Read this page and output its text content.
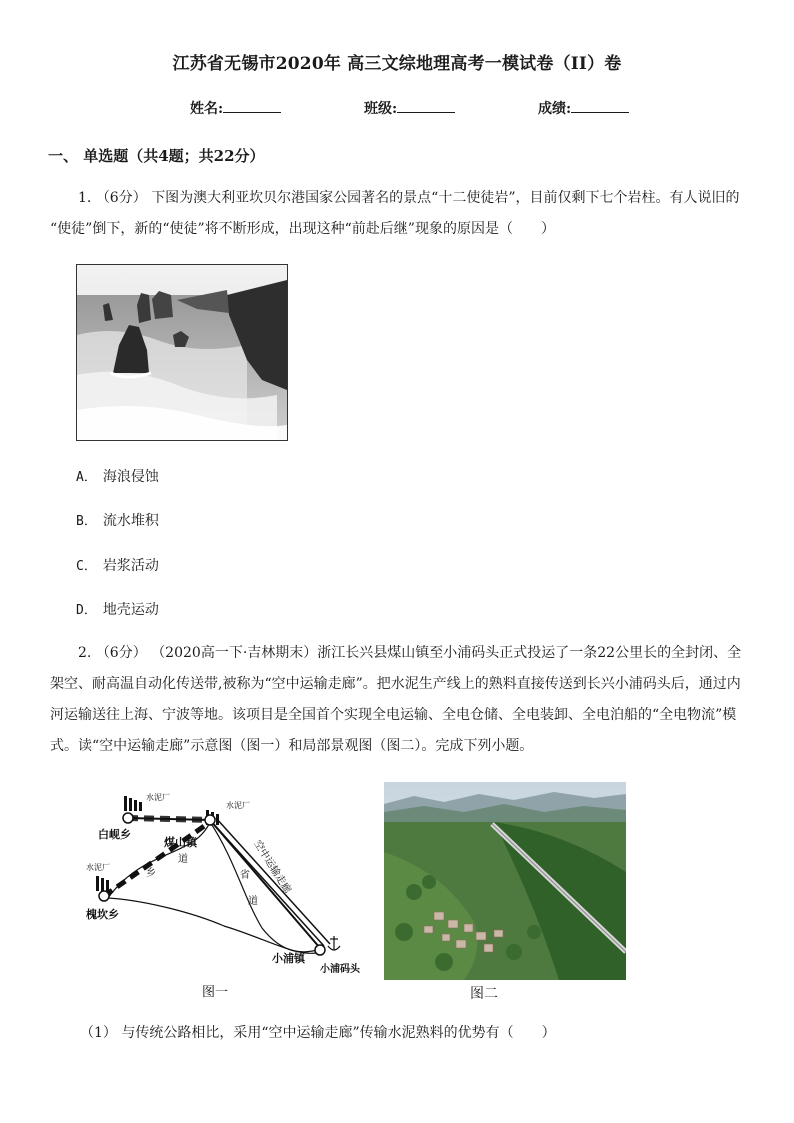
江苏省无锡市2020年 高三文综地理高考一模试卷（II）卷
姓名:	班级:	成绩:
一、 单选题（共4题；共22分）
1. （6分） 下图为澳大利亚坎贝尔港国家公园著名的景点“十二使徒岩”，目前仅剩下七个岩柱。有人说旧的
“使徒”倒下，新的“使徒”将不断形成，出现这种“前赴后继”现象的原因是（　　）
A． 海浪侵蚀
B． 流水堆积
C． 岩浆活动
D． 地壳运动
2. （6分） （2020高一下·吉林期末）浙江长兴县煤山镇至小浦码头正式投运了一条22公里长的全封闭、全
架空、耐高温自动化传送带,被称为“空中运输走廊”。把水泥生产线上的熟料直接传送到长兴小浦码头后，通过内
河运输送往上海、宁波等地。该项目是全国首个实现全电运输、全电仓储、全电装卸、全电泊船的“全电物流”模
式。读“空中运输走廊”示意图（图一）和局部景观图（图二）。完成下列小题。
水泥厂
水泥厂
水泥厂
白岘乡
煤山镇
槐坎乡
小浦镇
小浦码头
空中运输走廊
乡
道
省
道
图一	图二
（1） 与传统公路相比，采用“空中运输走廊”传输水泥熟料的优势有（　　）
